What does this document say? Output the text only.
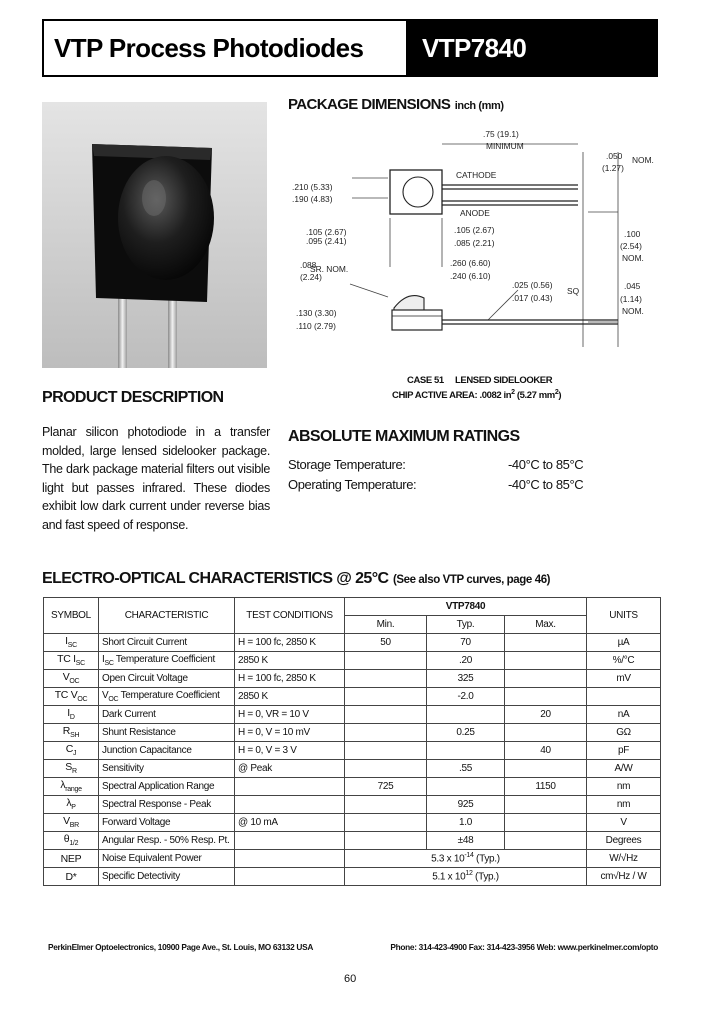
VTP Process Photodiodes VTP7840
PACKAGE DIMENSIONS inch (mm)
.75 (19.1)
MINIMUM
.050 NOM.
(1.27)
CATHODE
ANODE
.210 (5.33)
.190 (4.83)
.105 (2.67)
.095 (2.41)
.105 (2.67)
.085 (2.21)
.100
(2.54)
NOM.
.088
SR. NOM.
(2.24)
.260 (6.60)
.240 (6.10)
.025 (0.56)
SQ
.017 (0.43)
.045
(1.14)
NOM.
.130 (3.30)
.110 (2.79)
CASE 51     LENSED SIDELOOKER
CHIP ACTIVE AREA: .0082 $in^2$ (5.27 $mm^2$)
PRODUCT DESCRIPTION
Planar silicon photodiode in a transfer molded, large lensed sidelooker package. The dark package material filters out visible light but passes infrared. These diodes exhibit low dark current under reverse bias and fast speed of response.
ABSOLUTE MAXIMUM RATINGS
Storage Temperature:	-40°C to 85°C
Operating Temperature:	-40°C to 85°C
ELECTRO-OPTICAL CHARACTERISTICS @ 25°C (See also VTP curves, page 46)
SYMBOL	CHARACTERISTIC	TEST CONDITIONS	VTP7840			UNITS
			Min.	Typ.	Max.	
$I_{SC}$	Short Circuit Current	H = 100 fc, 2850 K	50	70		µA
TC $I_{SC}$	$I_{SC}$ Temperature Coefficient	2850 K		.20		%/°C
$V_{OC}$	Open Circuit Voltage	H = 100 fc, 2850 K		325		mV
TC $V_{OC}$	$V_{OC}$ Temperature Coefficient	2850 K		-2.0		
$I_D$	Dark Current	H = 0, VR = 10 V			20	nA
$R_{SH}$	Shunt Resistance	H = 0, V = 10 mV		0.25		GΩ
$C_J$	Junction Capacitance	H = 0, V = 3 V			40	pF
$S_R$	Sensitivity	@ Peak		.55		A/W
$\lambda_{range}$	Spectral Application Range		725		1150	nm
$\lambda_P$	Spectral Response - Peak			925		nm
$V_{BR}$	Forward Voltage	@ 10 mA		1.0		V
$\theta_{1/2}$	Angular Resp. - 50% Resp. Pt.			±48		Degrees
NEP	Noise Equivalent Power		5.3 x $10^{-14}$ (Typ.)			W/√Hz
D*	Specific Detectivity		5.1 x $10^{12}$ (Typ.)			cm√Hz / W
PerkinElmer Optoelectronics, 10900 Page Ave., St. Louis, MO 63132 USA	Phone: 314-423-4900 Fax: 314-423-3956 Web: www.perkinelmer.com/opto
60
